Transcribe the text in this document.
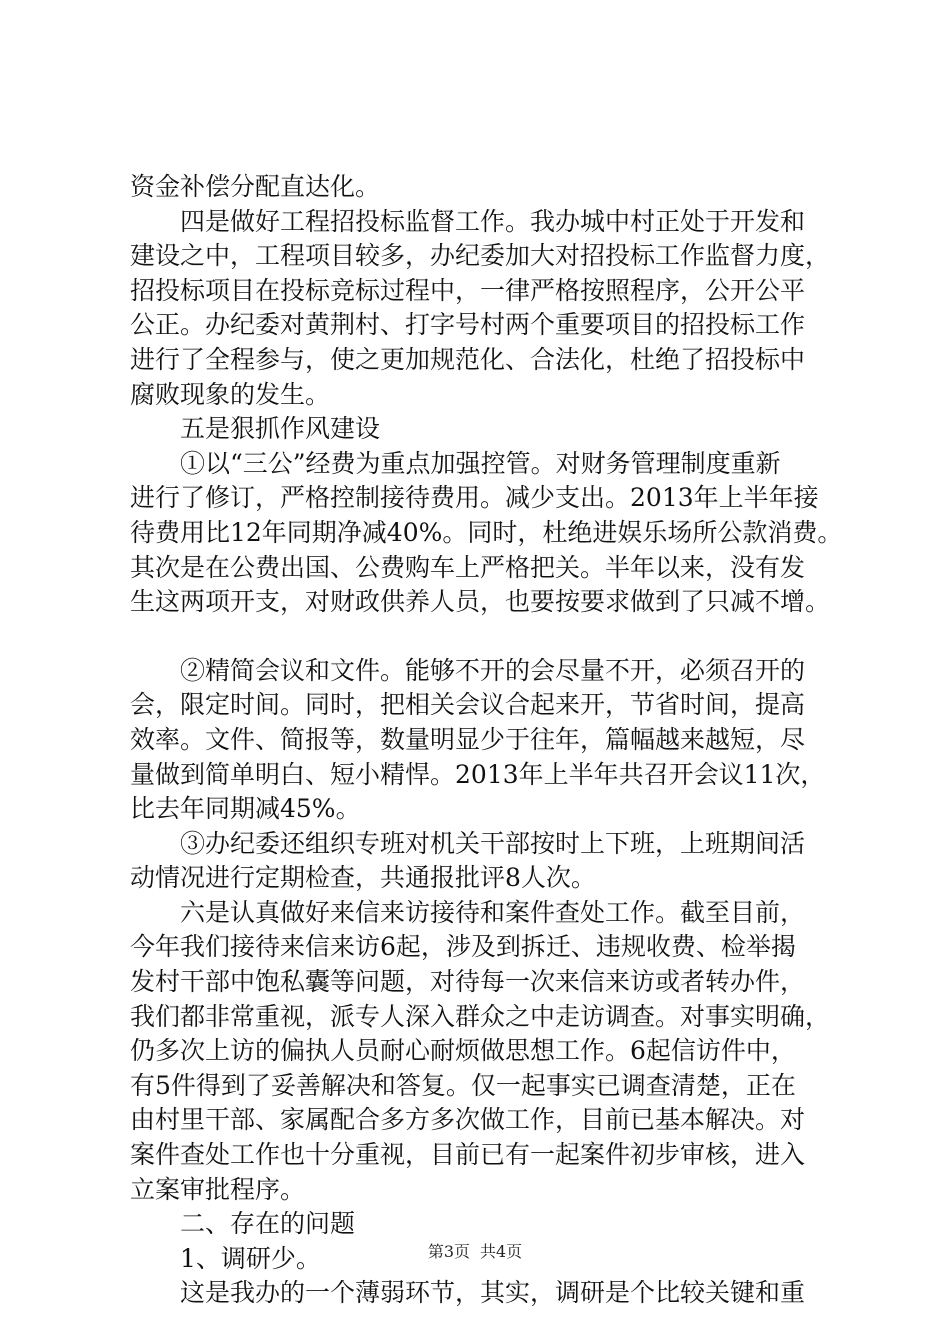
资金补偿分配直达化。
四是做好工程招投标监督工作。我办城中村正处于开发和
建设之中，工程项目较多，办纪委加大对招投标工作监督力度，
招投标项目在投标竞标过程中，一律严格按照程序，公开公平
公正。办纪委对黄荆村、打字号村两个重要项目的招投标工作
进行了全程参与，使之更加规范化、合法化，杜绝了招投标中
腐败现象的发生。
五是狠抓作风建设
①以“三公”经费为重点加强控管。对财务管理制度重新
进行了修订，严格控制接待费用。减少支出。2013年上半年接
待费用比12年同期净减40%。同时，杜绝进娱乐场所公款消费。
其次是在公费出国、公费购车上严格把关。半年以来，没有发
生这两项开支，对财政供养人员，也要按要求做到了只减不增。
②精简会议和文件。能够不开的会尽量不开，必须召开的
会，限定时间。同时，把相关会议合起来开，节省时间，提高
效率。文件、简报等，数量明显少于往年，篇幅越来越短，尽
量做到简单明白、短小精悍。2013年上半年共召开会议11次，
比去年同期减45%。
③办纪委还组织专班对机关干部按时上下班，上班期间活
动情况进行定期检查，共通报批评8人次。
六是认真做好来信来访接待和案件查处工作。截至目前，
今年我们接待来信来访6起，涉及到拆迁、违规收费、检举揭
发村干部中饱私囊等问题，对待每一次来信来访或者转办件，
我们都非常重视，派专人深入群众之中走访调查。对事实明确，
仍多次上访的偏执人员耐心耐烦做思想工作。6起信访件中，
有5件得到了妥善解决和答复。仅一起事实已调查清楚，正在
由村里干部、家属配合多方多次做工作，目前已基本解决。对
案件查处工作也十分重视，目前已有一起案件初步审核，进入
立案审批程序。
二、存在的问题
1、调研少。
这是我办的一个薄弱环节，其实，调研是个比较关键和重
第3页 共4页
